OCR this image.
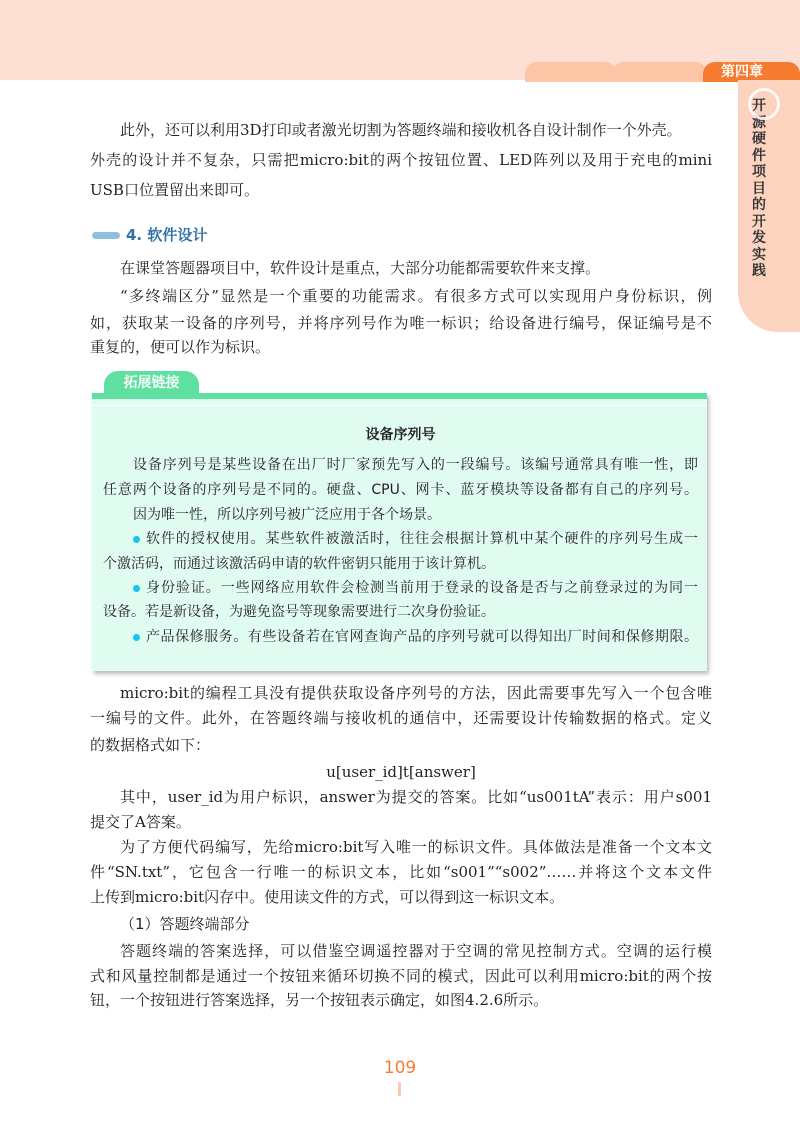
第四章
开源硬件项目的开发实践
4. 软件设计
拓展链接
此外，还可以利用3D打印或者激光切割为答题终端和接收机各自设计制作一个外壳。
外壳的设计并不复杂，只需把micro:bit的两个按钮位置、LED阵列以及用于充电的mini
USB口位置留出来即可。
在课堂答题器项目中，软件设计是重点，大部分功能都需要软件来支撑。
“多终端区分”显然是一个重要的功能需求。有很多方式可以实现用户身份标识，例
如，获取某一设备的序列号，并将序列号作为唯一标识；给设备进行编号，保证编号是不
重复的，便可以作为标识。
设备序列号
设备序列号是某些设备在出厂时厂家预先写入的一段编号。该编号通常具有唯一性，即
任意两个设备的序列号是不同的。硬盘、CPU、网卡、蓝牙模块等设备都有自己的序列号。
因为唯一性，所以序列号被广泛应用于各个场景。
软件的授权使用。某些软件被激活时，往往会根据计算机中某个硬件的序列号生成一
个激活码，而通过该激活码申请的软件密钥只能用于该计算机。
身份验证。一些网络应用软件会检测当前用于登录的设备是否与之前登录过的为同一
设备。若是新设备，为避免盗号等现象需要进行二次身份验证。
产品保修服务。有些设备若在官网查询产品的序列号就可以得知出厂时间和保修期限。
micro:bit的编程工具没有提供获取设备序列号的方法，因此需要事先写入一个包含唯
一编号的文件。此外，在答题终端与接收机的通信中，还需要设计传输数据的格式。定义
的数据格式如下：
u[user_id]t[answer]
其中，user_id为用户标识，answer为提交的答案。比如“us001tA”表示：用户s001
提交了A答案。
为了方便代码编写，先给micro:bit写入唯一的标识文件。具体做法是准备一个文本文
件“SN.txt”，它包含一行唯一的标识文本，比如“s001”“s002”……并将这个文本文件
上传到micro:bit闪存中。使用读文件的方式，可以得到这一标识文本。
（1）答题终端部分
答题终端的答案选择，可以借鉴空调遥控器对于空调的常见控制方式。空调的运行模
式和风量控制都是通过一个按钮来循环切换不同的模式，因此可以利用micro:bit的两个按
钮，一个按钮进行答案选择，另一个按钮表示确定，如图4.2.6所示。
109
